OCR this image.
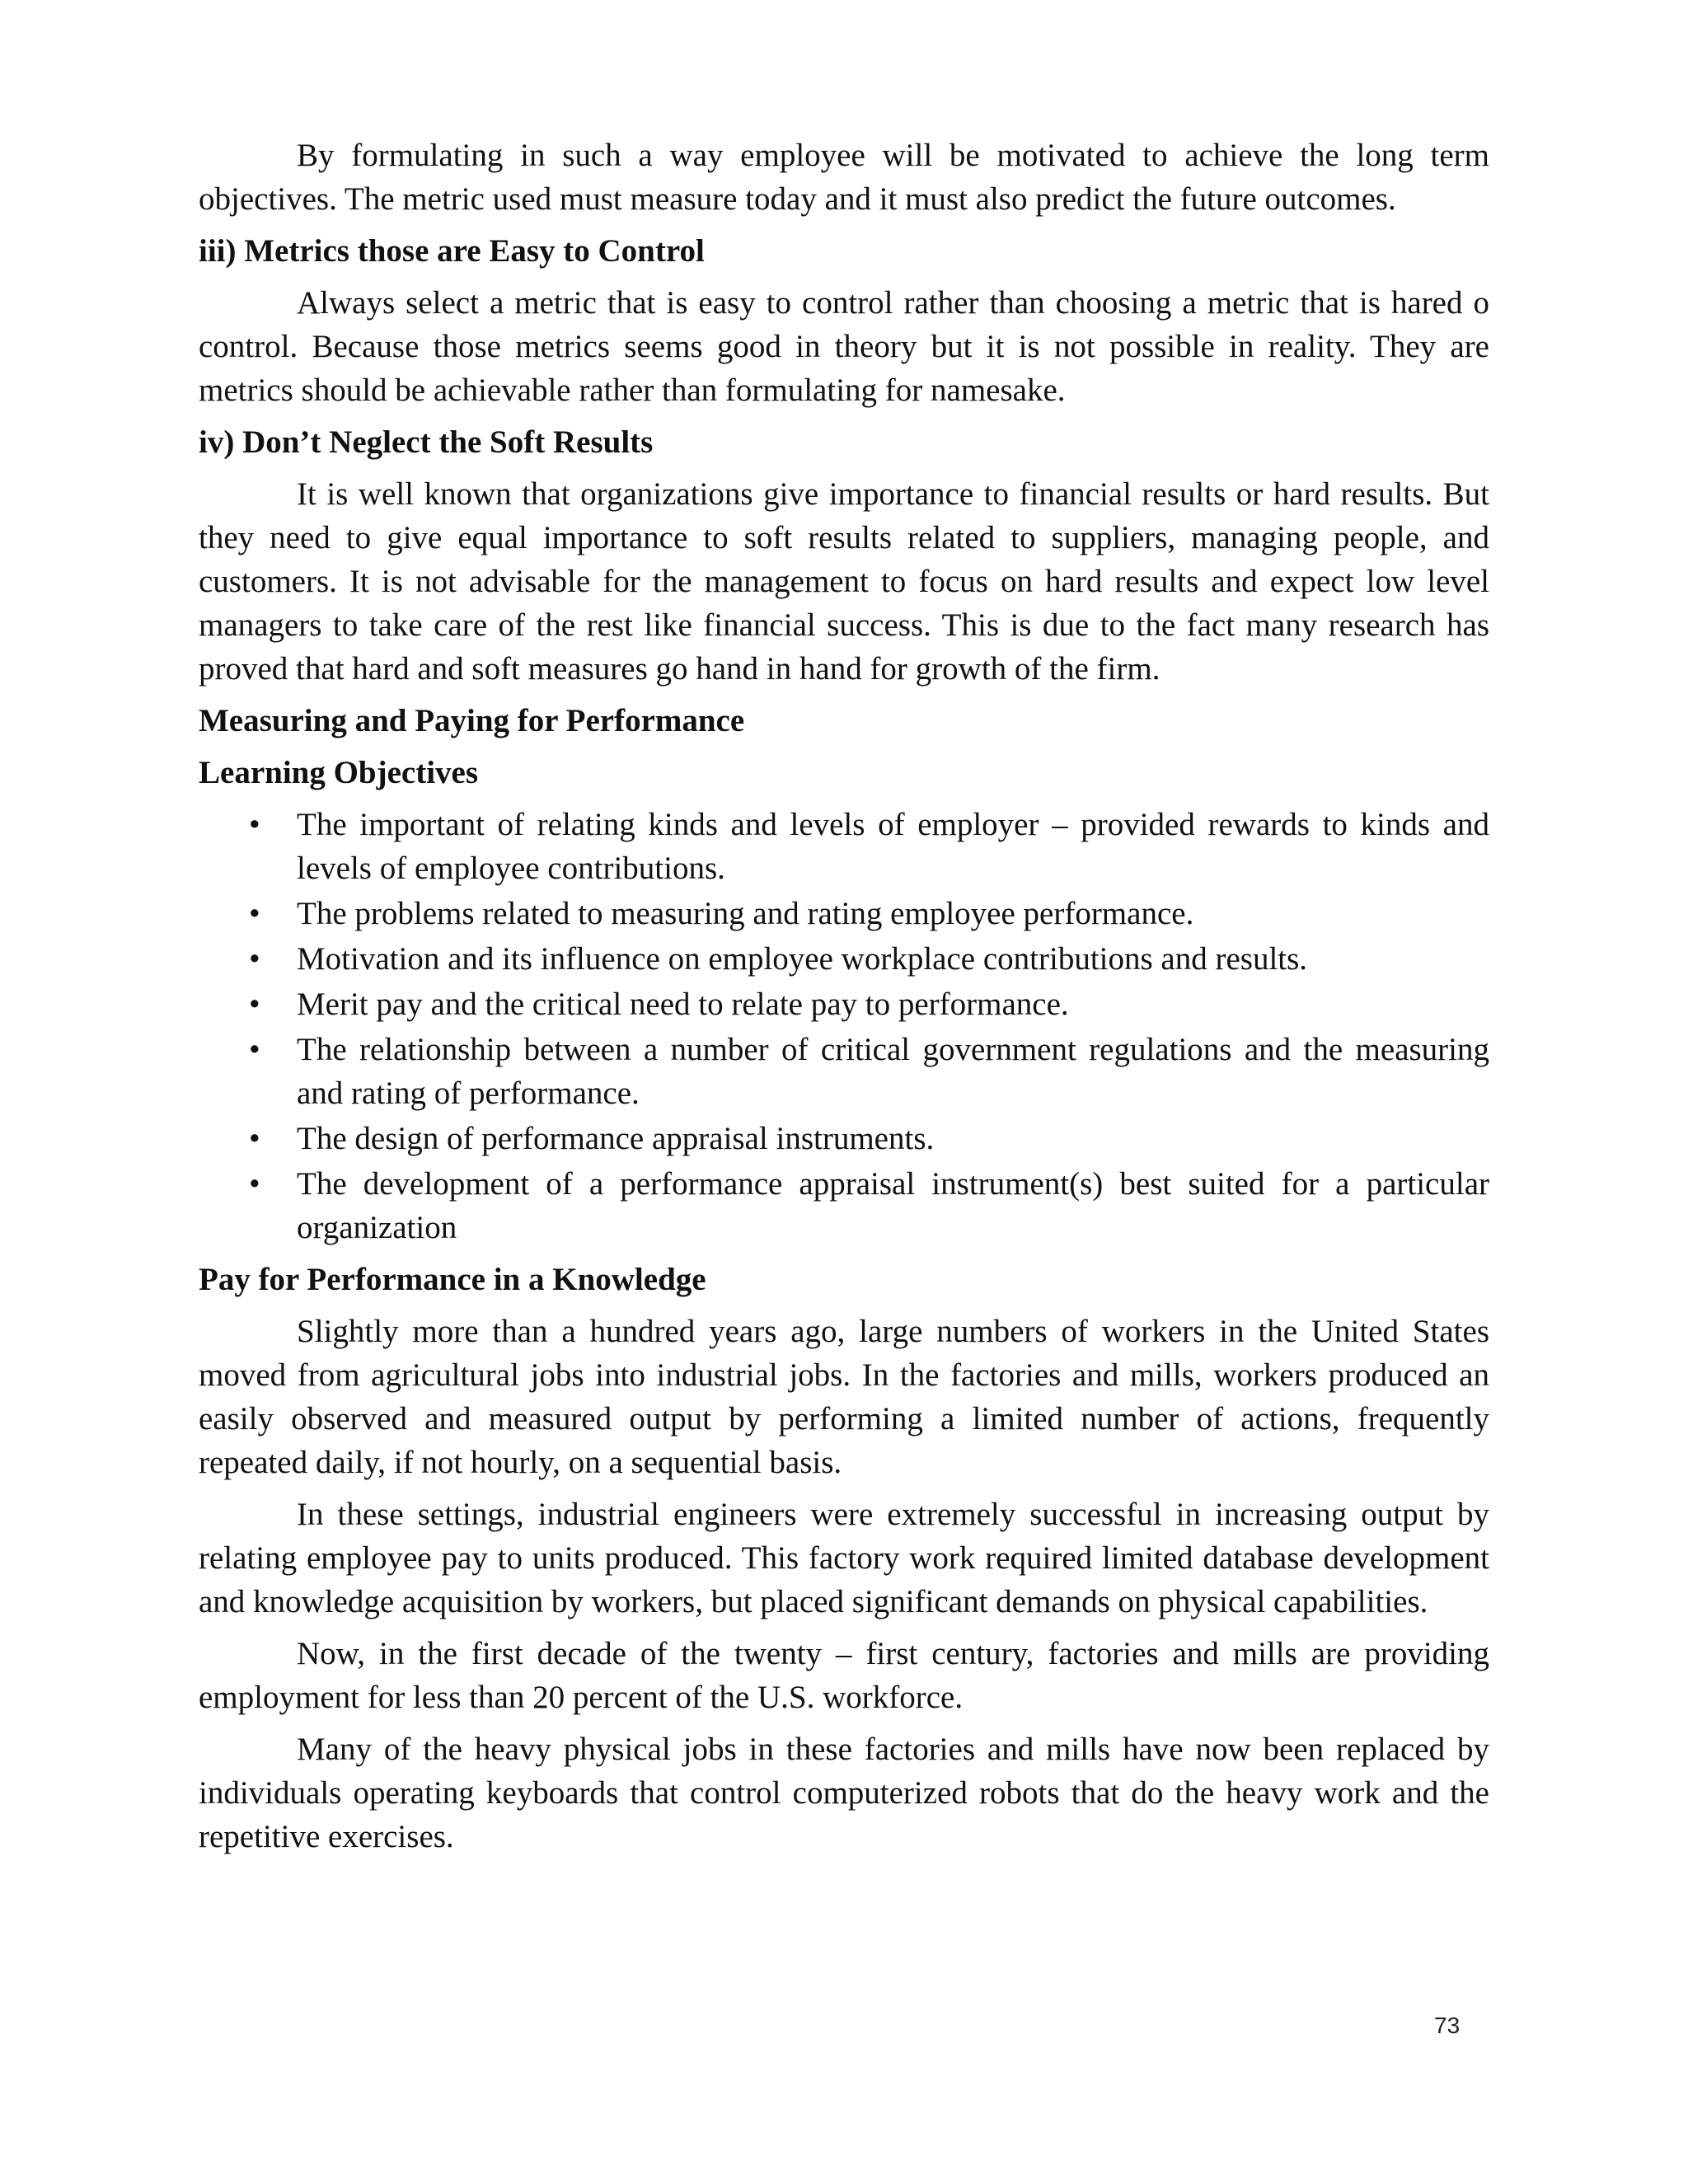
By formulating in such a way employee will be motivated to achieve the long term objectives. The metric used must measure today and it must also predict the future outcomes.

iii) Metrics those are Easy to Control

Always select a metric that is easy to control rather than choosing a metric that is hared o control. Because those metrics seems good in theory but it is not possible in reality. They are metrics should be achievable rather than formulating for namesake.

iv) Don’t Neglect the Soft Results

It is well known that organizations give importance to financial results or hard results. But they need to give equal importance to soft results related to suppliers, managing people, and customers. It is not advisable for the management to focus on hard results and expect low level managers to take care of the rest like financial success. This is due to the fact many research has proved that hard and soft measures go hand in hand for growth of the firm.

Measuring and Paying for Performance

Learning Objectives

• The important of relating kinds and levels of employer – provided rewards to kinds and levels of employee contributions.
• The problems related to measuring and rating employee performance.
• Motivation and its influence on employee workplace contributions and results.
• Merit pay and the critical need to relate pay to performance.
• The relationship between a number of critical government regulations and the measuring and rating of performance.
• The design of performance appraisal instruments.
• The development of a performance appraisal instrument(s) best suited for a particular organization

Pay for Performance in a Knowledge

Slightly more than a hundred years ago, large numbers of workers in the United States moved from agricultural jobs into industrial jobs. In the factories and mills, workers produced an easily observed and measured output by performing a limited number of actions, frequently repeated daily, if not hourly, on a sequential basis.

In these settings, industrial engineers were extremely successful in increasing output by relating employee pay to units produced. This factory work required limited database development and knowledge acquisition by workers, but placed significant demands on physical capabilities.

Now, in the first decade of the twenty – first century, factories and mills are providing employment for less than 20 percent of the U.S. workforce.

Many of the heavy physical jobs in these factories and mills have now been replaced by individuals operating keyboards that control computerized robots that do the heavy work and the repetitive exercises.

73
